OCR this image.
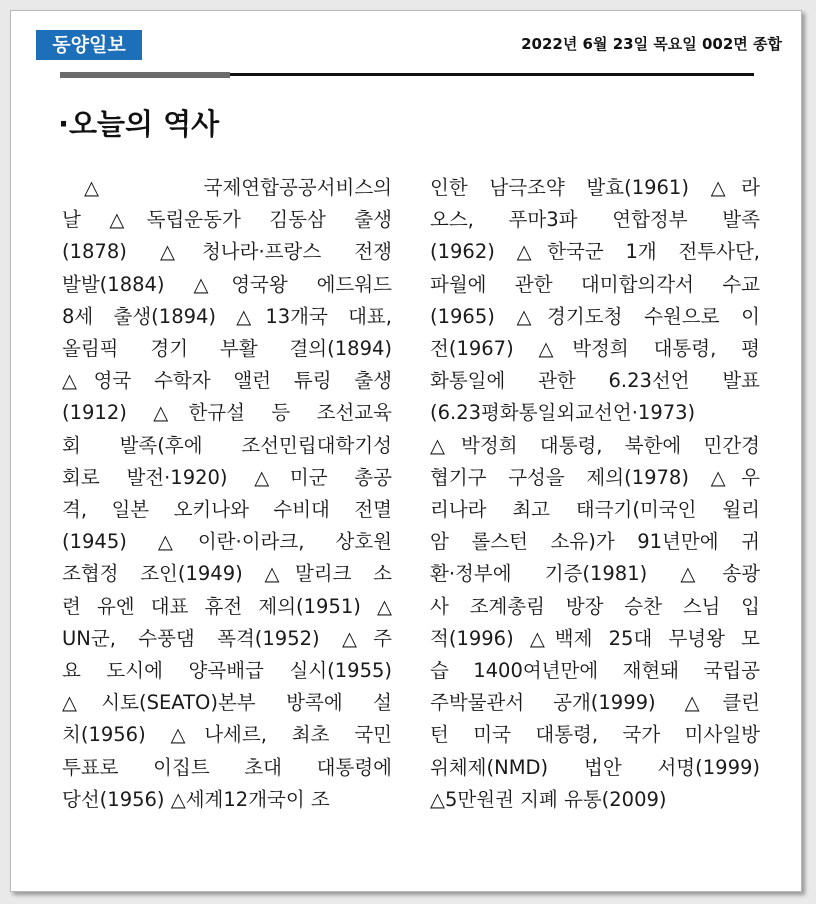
동양일보	2022년 6월 23일 목요일 002면 종합
·오늘의 역사
△국제연합공공서비스의
날 △독립운동가 김동삼 출생
(1878) △청나라·프랑스 전쟁
발발(1884) △영국왕 에드워드
8세 출생(1894) △13개국 대표,
올림픽 경기 부활 결의(1894)
△영국 수학자 앨런 튜링 출생
(1912) △한규설 등 조선교육
회 발족(후에 조선민립대학기성
회로 발전·1920) △미군 총공
격, 일본 오키나와 수비대 전멸
(1945) △이란·이라크, 상호원
조협정 조인(1949) △말리크 소
련 유엔 대표 휴전 제의(1951) △
UN군, 수풍댐 폭격(1952) △주
요 도시에 양곡배급 실시(1955)
△시토(SEATO)본부 방콕에 설
치(1956) △나세르, 최초 국민
투표로 이집트 초대 대통령에
당선(1956) △세계12개국이 조
인한 남극조약 발효(1961) △라
오스, 푸마3파 연합정부 발족
(1962) △한국군 1개 전투사단,
파월에 관한 대미합의각서 수교
(1965) △경기도청 수원으로 이
전(1967) △박정희 대통령, 평
화통일에 관한 6.23선언 발표
(6.23평화통일외교선언·1973)
△박정희 대통령, 북한에 민간경
협기구 구성을 제의(1978) △우
리나라 최고 태극기(미국인 윌리
암 롤스턴 소유)가 91년만에 귀
환·정부에 기증(1981) △송광
사 조계총림 방장 승찬 스님 입
적(1996) △백제 25대 무녕왕 모
습 1400여년만에 재현돼 국립공
주박물관서 공개(1999) △클린
턴 미국 대통령, 국가 미사일방
위체제(NMD) 법안 서명(1999)
△5만원권 지폐 유통(2009)
